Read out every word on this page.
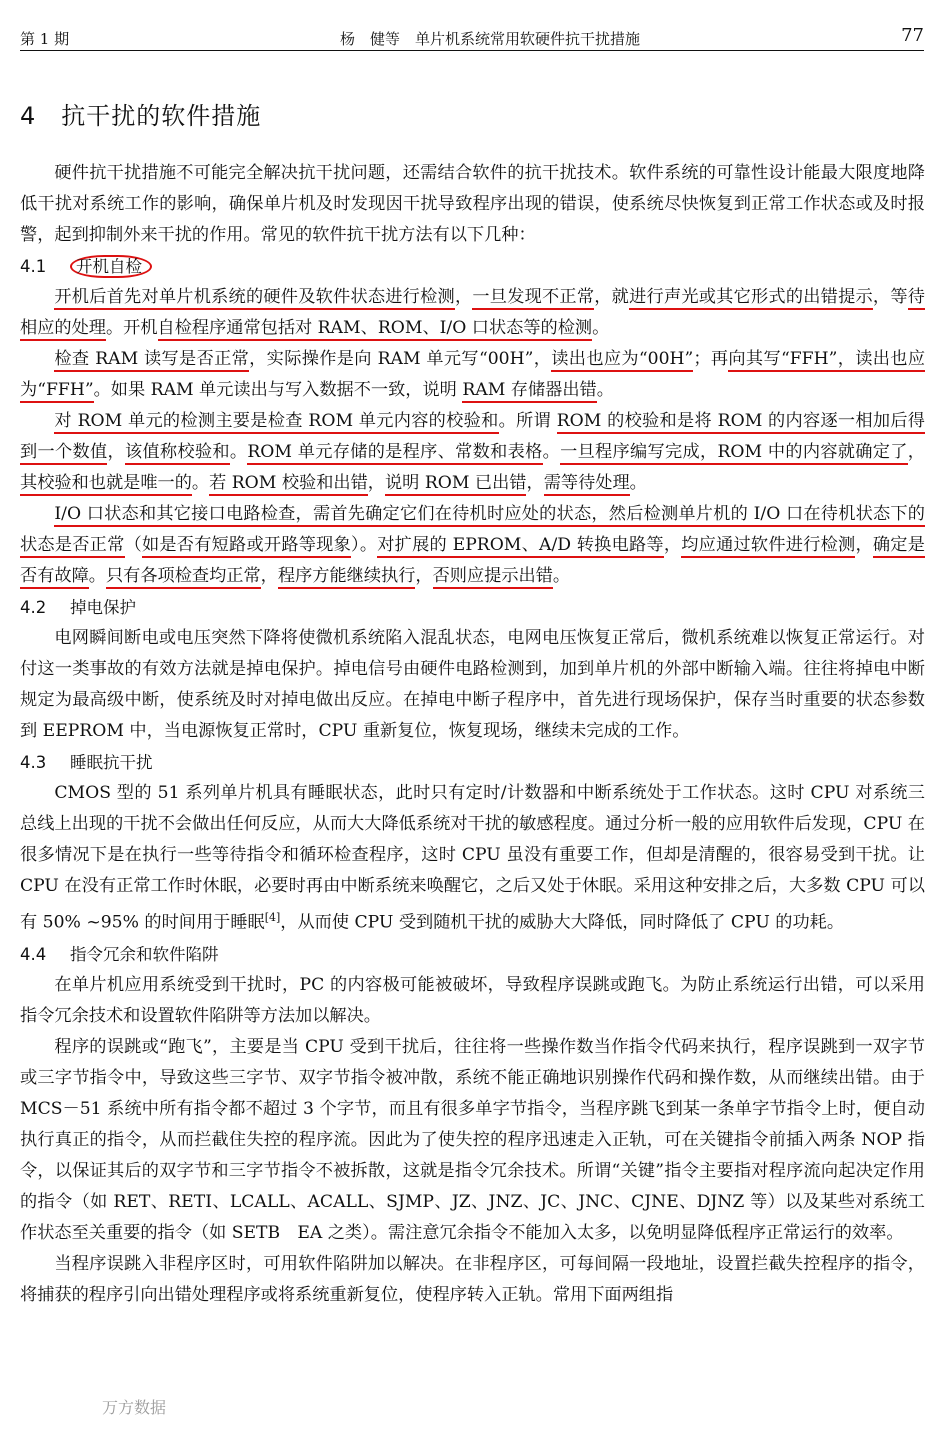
第 1 期	杨　健等　单片机系统常用软硬件抗干扰措施	77
4　抗干扰的软件措施

硬件抗干扰措施不可能完全解决抗干扰问题，还需结合软件的抗干扰技术。软件系统的可靠性设计能最大限度地降低干扰对系统工作的影响，确保单片机及时发现因干扰导致程序出现的错误，使系统尽快恢复到正常工作状态或及时报警，起到抑制外来干扰的作用。常见的软件抗干扰方法有以下几种：

4.1 开机自检

开机后首先对单片机系统的硬件及软件状态进行检测，一旦发现不正常，就进行声光或其它形式的出错提示，等待相应的处理。开机自检程序通常包括对 RAM、ROM、I/O 口状态等的检测。

检查 RAM 读写是否正常，实际操作是向 RAM 单元写“00H”，读出也应为“00H”；再向其写“FFH”，读出也应为“FFH”。如果 RAM 单元读出与写入数据不一致，说明 RAM 存储器出错。

对 ROM 单元的检测主要是检查 ROM 单元内容的校验和。所谓 ROM 的校验和是将 ROM 的内容逐一相加后得到一个数值，该值称校验和。ROM 单元存储的是程序、常数和表格。一旦程序编写完成，ROM 中的内容就确定了，其校验和也就是唯一的。若 ROM 校验和出错，说明 ROM 已出错，需等待处理。

I/O 口状态和其它接口电路检查，需首先确定它们在待机时应处的状态，然后检测单片机的 I/O 口在待机状态下的状态是否正常（如是否有短路或开路等现象）。对扩展的 EPROM、A/D 转换电路等，均应通过软件进行检测，确定是否有故障。只有各项检查均正常，程序方能继续执行，否则应提示出错。

4.2 掉电保护

电网瞬间断电或电压突然下降将使微机系统陷入混乱状态，电网电压恢复正常后，微机系统难以恢复正常运行。对付这一类事故的有效方法就是掉电保护。掉电信号由硬件电路检测到，加到单片机的外部中断输入端。往往将掉电中断规定为最高级中断，使系统及时对掉电做出反应。在掉电中断子程序中，首先进行现场保护，保存当时重要的状态参数到 EEPROM 中，当电源恢复正常时，CPU 重新复位，恢复现场，继续未完成的工作。

4.3 睡眠抗干扰

CMOS 型的 51 系列单片机具有睡眠状态，此时只有定时/计数器和中断系统处于工作状态。这时 CPU 对系统三总线上出现的干扰不会做出任何反应，从而大大降低系统对干扰的敏感程度。通过分析一般的应用软件后发现，CPU 在很多情况下是在执行一些等待指令和循环检查程序，这时 CPU 虽没有重要工作，但却是清醒的，很容易受到干扰。让 CPU 在没有正常工作时休眠，必要时再由中断系统来唤醒它，之后又处于休眠。采用这种安排之后，大多数 CPU 可以有 50% ~95% 的时间用于睡眠[4]，从而使 CPU 受到随机干扰的威胁大大降低，同时降低了 CPU 的功耗。

4.4 指令冗余和软件陷阱

在单片机应用系统受到干扰时，PC 的内容极可能被破坏，导致程序误跳或跑飞。为防止系统运行出错，可以采用指令冗余技术和设置软件陷阱等方法加以解决。

程序的误跳或“跑飞”，主要是当 CPU 受到干扰后，往往将一些操作数当作指令代码来执行，程序误跳到一双字节或三字节指令中，导致这些三字节、双字节指令被冲散，系统不能正确地识别操作代码和操作数，从而继续出错。由于 MCS－51 系统中所有指令都不超过 3 个字节，而且有很多单字节指令，当程序跳飞到某一条单字节指令上时，便自动执行真正的指令，从而拦截住失控的程序流。因此为了使失控的程序迅速走入正轨，可在关键指令前插入两条 NOP 指令，以保证其后的双字节和三字节指令不被拆散，这就是指令冗余技术。所谓“关键”指令主要指对程序流向起决定作用的指令（如 RET、RETI、LCALL、ACALL、SJMP、JZ、JNZ、JC、JNC、CJNE、DJNZ 等）以及某些对系统工作状态至关重要的指令（如 SETB　EA 之类）。需注意冗余指令不能加入太多，以免明显降低程序正常运行的效率。

当程序误跳入非程序区时，可用软件陷阱加以解决。在非程序区，可每间隔一段地址，设置拦截失控程序的指令，将捕获的程序引向出错处理程序或将系统重新复位，使程序转入正轨。常用下面两组指

万方数据
